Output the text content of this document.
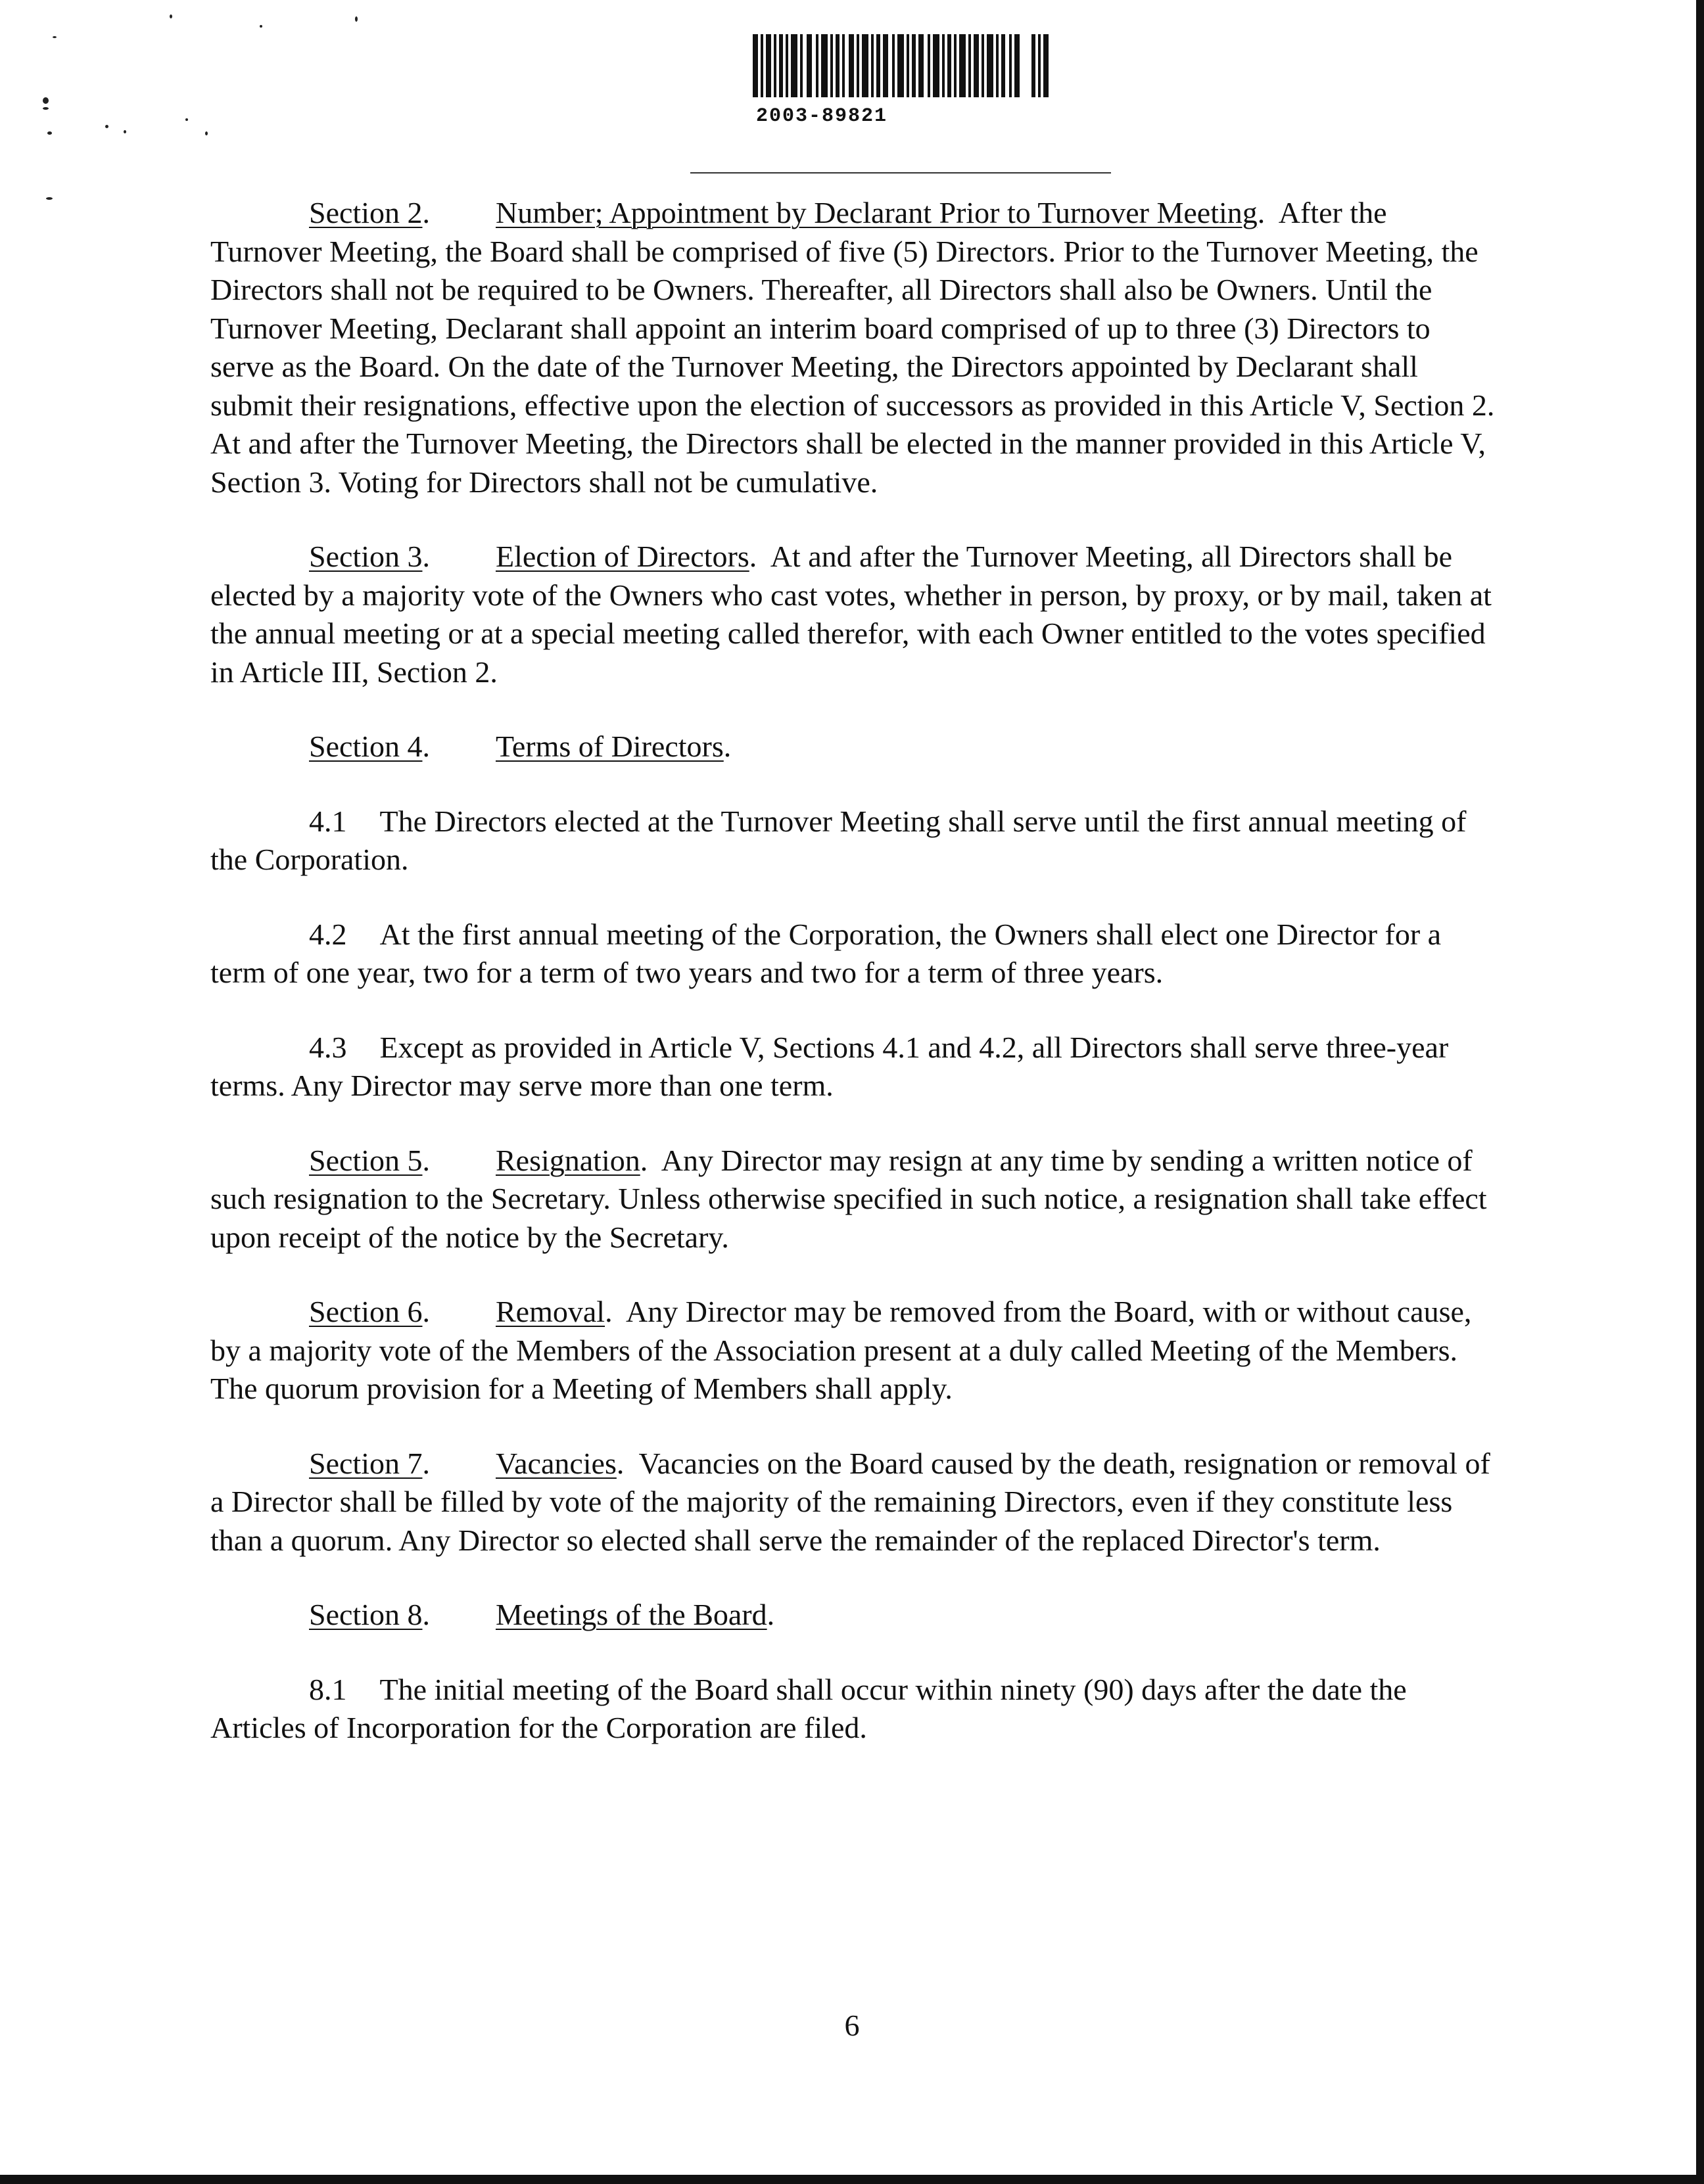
2003-89821

Section 2. Number; Appointment by Declarant Prior to Turnover Meeting.  After the Turnover Meeting, the Board shall be comprised of five (5) Directors. Prior to the Turnover Meeting, the Directors shall not be required to be Owners. Thereafter, all Directors shall also be Owners. Until the Turnover Meeting, Declarant shall appoint an interim board comprised of up to three (3) Directors to serve as the Board. On the date of the Turnover Meeting, the Directors appointed by Declarant shall submit their resignations, effective upon the election of successors as provided in this Article V, Section 2. At and after the Turnover Meeting, the Directors shall be elected in the manner provided in this Article V, Section 3. Voting for Directors shall not be cumulative.

Section 3. Election of Directors.  At and after the Turnover Meeting, all Directors shall be elected by a majority vote of the Owners who cast votes, whether in person, by proxy, or by mail, taken at the annual meeting or at a special meeting called therefor, with each Owner entitled to the votes specified in Article III, Section 2.

Section 4. Terms of Directors.

4.1 The Directors elected at the Turnover Meeting shall serve until the first annual meeting of the Corporation.

4.2 At the first annual meeting of the Corporation, the Owners shall elect one Director for a term of one year, two for a term of two years and two for a term of three years.

4.3 Except as provided in Article V, Sections 4.1 and 4.2, all Directors shall serve three-year terms. Any Director may serve more than one term.

Section 5. Resignation.  Any Director may resign at any time by sending a written notice of such resignation to the Secretary. Unless otherwise specified in such notice, a resignation shall take effect upon receipt of the notice by the Secretary.

Section 6. Removal.  Any Director may be removed from the Board, with or without cause, by a majority vote of the Members of the Association present at a duly called Meeting of the Members. The quorum provision for a Meeting of Members shall apply.

Section 7. Vacancies.  Vacancies on the Board caused by the death, resignation or removal of a Director shall be filled by vote of the majority of the remaining Directors, even if they constitute less than a quorum. Any Director so elected shall serve the remainder of the replaced Director's term.

Section 8. Meetings of the Board.

8.1 The initial meeting of the Board shall occur within ninety (90) days after the date the Articles of Incorporation for the Corporation are filed.

6
